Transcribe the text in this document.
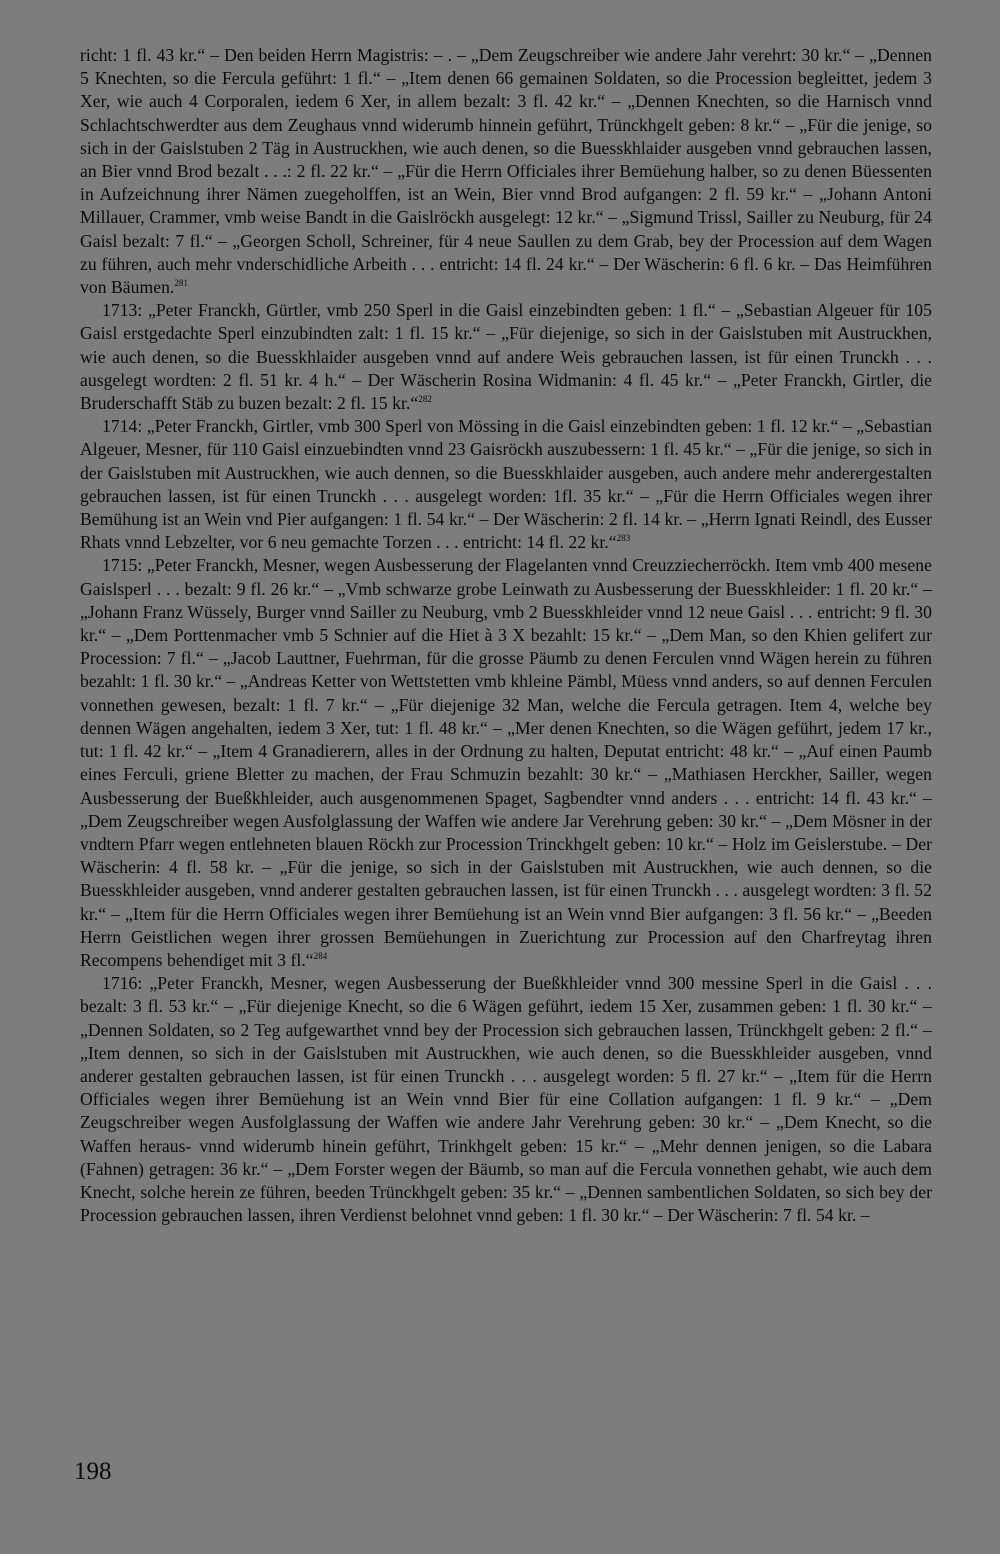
richt: 1 fl. 43 kr.“ – Den beiden Herrn Magistris: – . – „Dem Zeugschreiber wie andere Jahr verehrt: 30 kr.“ – „Dennen 5 Knechten, so die Fercula geführt: 1 fl.“ – „Item denen 66 gemainen Soldaten, so die Procession begleittet, jedem 3 Xer, wie auch 4 Corporalen, iedem 6 Xer, in allem bezalt: 3 fl. 42 kr.“ – „Dennen Knechten, so die Harnisch vnnd Schlachtschwerdter aus dem Zeughaus vnnd widerumb hinnein geführt, Trünckhgelt geben: 8 kr.“ – „Für die jenige, so sich in der Gaislstuben 2 Täg in Austruckhen, wie auch denen, so die Buesskhlaider ausgeben vnnd gebrauchen lassen, an Bier vnnd Brod bezalt . . .: 2 fl. 22 kr.“ – „Für die Herrn Officiales ihrer Bemüehung halber, so zu denen Büessenten in Aufzeichnung ihrer Nämen zuegeholffen, ist an Wein, Bier vnnd Brod aufgangen: 2 fl. 59 kr.“ – „Johann Antoni Millauer, Crammer, vmb weise Bandt in die Gaislröckh ausgelegt: 12 kr.“ – „Sigmund Trissl, Sailler zu Neuburg, für 24 Gaisl bezalt: 7 fl.“ – „Georgen Scholl, Schreiner, für 4 neue Saullen zu dem Grab, bey der Procession auf dem Wagen zu führen, auch mehr vnderschidliche Arbeith . . . entricht: 14 fl. 24 kr.“ – Der Wäscherin: 6 fl. 6 kr. – Das Heimführen von Bäumen.$^{281}$

1713: „Peter Franckh, Gürtler, vmb 250 Sperl in die Gaisl einzebindten geben: 1 fl.“ – „Sebastian Algeuer für 105 Gaisl erstgedachte Sperl einzubindten zalt: 1 fl. 15 kr.“ – „Für diejenige, so sich in der Gaislstuben mit Austruckhen, wie auch denen, so die Buesskhlaider ausgeben vnnd auf andere Weis gebrauchen lassen, ist für einen Trunckh . . . ausgelegt wordten: 2 fl. 51 kr. 4 h.“ – Der Wäscherin Rosina Widmanin: 4 fl. 45 kr.“ – „Peter Franckh, Girtler, die Bruderschafft Stäb zu buzen bezalt: 2 fl. 15 kr.“$^{282}$

1714: „Peter Franckh, Girtler, vmb 300 Sperl von Mössing in die Gaisl einzebindten geben: 1 fl. 12 kr.“ – „Sebastian Algeuer, Mesner, für 110 Gaisl einzuebindten vnnd 23 Gaisröckh auszubessern: 1 fl. 45 kr.“ – „Für die jenige, so sich in der Gaislstuben mit Austruckhen, wie auch dennen, so die Buesskhlaider ausgeben, auch andere mehr anderergestalten gebrauchen lassen, ist für einen Trunckh . . . ausgelegt worden: 1fl. 35 kr.“ – „Für die Herrn Officiales wegen ihrer Bemühung ist an Wein vnd Pier aufgangen: 1 fl. 54 kr.“ – Der Wäscherin: 2 fl. 14 kr. – „Herrn Ignati Reindl, des Eusser Rhats vnnd Lebzelter, vor 6 neu gemachte Torzen . . . entricht: 14 fl. 22 kr.“$^{283}$

1715: „Peter Franckh, Mesner, wegen Ausbesserung der Flagelanten vnnd Creuzziecherröckh. Item vmb 400 mesene Gaislsperl . . . bezalt: 9 fl. 26 kr.“ – „Vmb schwarze grobe Leinwath zu Ausbesserung der Buesskhleider: 1 fl. 20 kr.“ – „Johann Franz Wüssely, Burger vnnd Sailler zu Neuburg, vmb 2 Buesskhleider vnnd 12 neue Gaisl . . . entricht: 9 fl. 30 kr.“ – „Dem Porttenmacher vmb 5 Schnier auf die Hiet à 3 X bezahlt: 15 kr.“ – „Dem Man, so den Khien gelifert zur Procession: 7 fl.“ – „Jacob Lauttner, Fuehrman, für die grosse Päumb zu denen Ferculen vnnd Wägen herein zu führen bezahlt: 1 fl. 30 kr.“ – „Andreas Ketter von Wettstetten vmb khleine Pämbl, Müess vnnd anders, so auf dennen Ferculen vonnethen gewesen, bezalt: 1 fl. 7 kr.“ – „Für diejenige 32 Man, welche die Fercula getragen. Item 4, welche bey dennen Wägen angehalten, iedem 3 Xer, tut: 1 fl. 48 kr.“ – „Mer denen Knechten, so die Wägen geführt, jedem 17 kr., tut: 1 fl. 42 kr.“ – „Item 4 Granadierern, alles in der Ordnung zu halten, Deputat entricht: 48 kr.“ – „Auf einen Paumb eines Ferculi, griene Bletter zu machen, der Frau Schmuzin bezahlt: 30 kr.“ – „Mathiasen Herckher, Sailler, wegen Ausbesserung der Bueßkhleider, auch ausgenommenen Spaget, Sagbendter vnnd anders . . . entricht: 14 fl. 43 kr.“ – „Dem Zeugschreiber wegen Ausfolglassung der Waffen wie andere Jar Verehrung geben: 30 kr.“ – „Dem Mösner in der vndtern Pfarr wegen entlehneten blauen Röckh zur Procession Trinckhgelt geben: 10 kr.“ – Holz im Geislerstube. – Der Wäscherin: 4 fl. 58 kr. – „Für die jenige, so sich in der Gaislstuben mit Austruckhen, wie auch dennen, so die Buesskhleider ausgeben, vnnd anderer gestalten gebrauchen lassen, ist für einen Trunckh . . . ausgelegt wordten: 3 fl. 52 kr.“ – „Item für die Herrn Officiales wegen ihrer Bemüehung ist an Wein vnnd Bier aufgangen: 3 fl. 56 kr.“ – „Beeden Herrn Geistlichen wegen ihrer grossen Bemüehungen in Zuerichtung zur Procession auf den Charfreytag ihren Recompens behendiget mit 3 fl.“$^{284}$

1716: „Peter Franckh, Mesner, wegen Ausbesserung der Bueßkhleider vnnd 300 messine Sperl in die Gaisl . . . bezalt: 3 fl. 53 kr.“ – „Für diejenige Knecht, so die 6 Wägen geführt, iedem 15 Xer, zusammen geben: 1 fl. 30 kr.“ – „Dennen Soldaten, so 2 Teg aufgewarthet vnnd bey der Procession sich gebrauchen lassen, Trünckhgelt geben: 2 fl.“ – „Item dennen, so sich in der Gaislstuben mit Austruckhen, wie auch denen, so die Buesskhleider ausgeben, vnnd anderer gestalten gebrauchen lassen, ist für einen Trunckh . . . ausgelegt worden: 5 fl. 27 kr.“ – „Item für die Herrn Officiales wegen ihrer Bemüehung ist an Wein vnnd Bier für eine Collation aufgangen: 1 fl. 9 kr.“ – „Dem Zeugschreiber wegen Ausfolglassung der Waffen wie andere Jahr Verehrung geben: 30 kr.“ – „Dem Knecht, so die Waffen heraus- vnnd widerumb hinein geführt, Trinkhgelt geben: 15 kr.“ – „Mehr dennen jenigen, so die Labara (Fahnen) getragen: 36 kr.“ – „Dem Forster wegen der Bäumb, so man auf die Fercula vonnethen gehabt, wie auch dem Knecht, solche herein ze führen, beeden Trünckhgelt geben: 35 kr.“ – „Dennen sambentlichen Soldaten, so sich bey der Procession gebrauchen lassen, ihren Verdienst belohnet vnnd geben: 1 fl. 30 kr.“ – Der Wäscherin: 7 fl. 54 kr. –

198
